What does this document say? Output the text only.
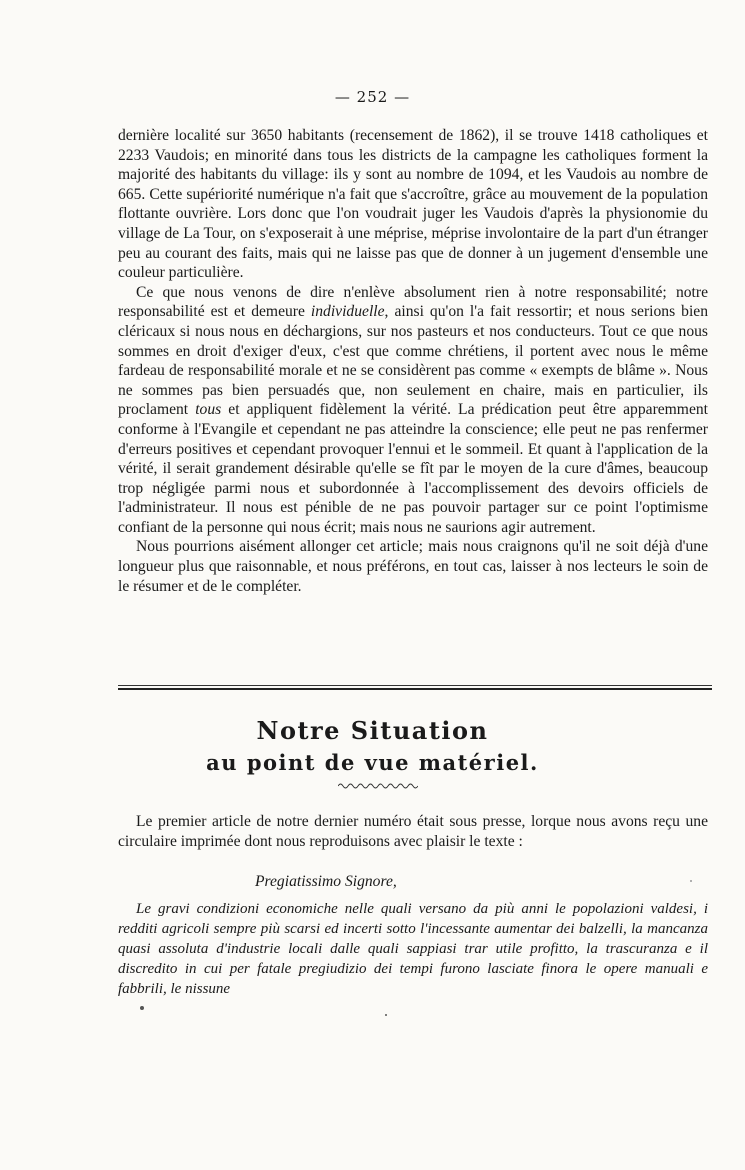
— 252 —

dernière localité sur 3650 habitants (recensement de 1862), il se trouve 1418 catholiques et 2233 Vaudois; en minorité dans tous les districts de la campagne les catholiques forment la majorité des habitants du village: ils y sont au nombre de 1094, et les Vaudois au nombre de 665. Cette supériorité numérique n'a fait que s'accroître, grâce au mouvement de la population flottante ouvrière. Lors donc que l'on voudrait juger les Vaudois d'après la physionomie du village de La Tour, on s'exposerait à une méprise, méprise involontaire de la part d'un étranger peu au courant des faits, mais qui ne laisse pas que de donner à un jugement d'ensemble une couleur particulière.

Ce que nous venons de dire n'enlève absolument rien à notre responsabilité; notre responsabilité est et demeure individuelle, ainsi qu'on l'a fait ressortir; et nous serions bien cléricaux si nous nous en déchargions, sur nos pasteurs et nos conducteurs. Tout ce que nous sommes en droit d'exiger d'eux, c'est que comme chrétiens, il portent avec nous le même fardeau de responsabilité morale et ne se considèrent pas comme « exempts de blâme ». Nous ne sommes pas bien persuadés que, non seulement en chaire, mais en particulier, ils proclament tous et appliquent fidèlement la vérité. La prédication peut être apparemment conforme à l'Evangile et cependant ne pas atteindre la conscience; elle peut ne pas renfermer d'erreurs positives et cependant provoquer l'ennui et le sommeil. Et quant à l'application de la vérité, il serait grandement désirable qu'elle se fît par le moyen de la cure d'âmes, beaucoup trop négligée parmi nous et subordonnée à l'accomplissement des devoirs officiels de l'administrateur. Il nous est pénible de ne pas pouvoir partager sur ce point l'optimisme confiant de la personne qui nous écrit; mais nous ne saurions agir autrement.

Nous pourrions aisément allonger cet article; mais nous craignons qu'il ne soit déjà d'une longueur plus que raisonnable, et nous préférons, en tout cas, laisser à nos lecteurs le soin de le résumer et de le compléter.

Notre Situation
au point de vue matériel.

Le premier article de notre dernier numéro était sous presse, lorque nous avons reçu une circulaire imprimée dont nous reproduisons avec plaisir le texte :

Pregiatissimo Signore,

Le gravi condizioni economiche nelle quali versano da più anni le popolazioni valdesi, i redditi agricoli sempre più scarsi ed incerti sotto l'incessante aumentar dei balzelli, la mancanza quasi assoluta d'industrie locali dalle quali sappiasi trar utile profitto, la trascuranza e il discredito in cui per fatale pregiudizio dei tempi furono lasciate finora le opere manuali e fabbrili, le nissune
